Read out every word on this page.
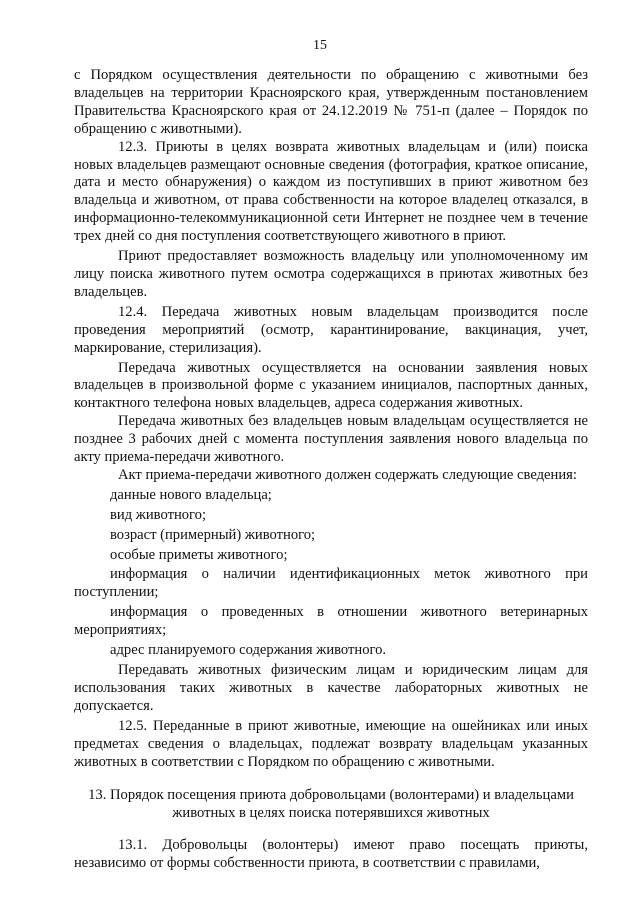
15

с Порядком осуществления деятельности по обращению с животными без владельцев на территории Красноярского края, утвержденным постановлением Правительства Красноярского края от 24.12.2019 № 751-п (далее – Порядок по обращению с животными).

12.3. Приюты в целях возврата животных владельцам и (или) поиска новых владельцев размещают основные сведения (фотография, краткое описание, дата и место обнаружения) о каждом из поступивших в приют животном без владельца и животном, от права собственности на которое владелец отказался, в информационно-телекоммуникационной сети Интернет не позднее чем в течение трех дней со дня поступления соответствующего животного в приют.

Приют предоставляет возможность владельцу или уполномоченному им лицу поиска животного путем осмотра содержащихся в приютах животных без владельцев.

12.4. Передача животных новым владельцам производится после проведения мероприятий (осмотр, карантинирование, вакцинация, учет, маркирование, стерилизация).

Передача животных осуществляется на основании заявления новых владельцев в произвольной форме с указанием инициалов, паспортных данных, контактного телефона новых владельцев, адреса содержания животных.

Передача животных без владельцев новым владельцам осуществляется не позднее 3 рабочих дней с момента поступления заявления нового владельца по акту приема-передачи животного.

Акт приема-передачи животного должен содержать следующие сведения:

данные нового владельца;

вид животного;

возраст (примерный) животного;

особые приметы животного;

информация о наличии идентификационных меток животного при поступлении;

информация о проведенных в отношении животного ветеринарных мероприятиях;

адрес планируемого содержания животного.

Передавать животных физическим лицам и юридическим лицам для использования таких животных в качестве лабораторных животных не допускается.

12.5. Переданные в приют животные, имеющие на ошейниках или иных предметах сведения о владельцах, подлежат возврату владельцам указанных животных в соответствии с Порядком по обращению с животными.

13. Порядок посещения приюта добровольцами (волонтерами) и владельцами животных в целях поиска потерявшихся животных

13.1. Добровольцы (волонтеры) имеют право посещать приюты, независимо от формы собственности приюта, в соответствии с правилами,
